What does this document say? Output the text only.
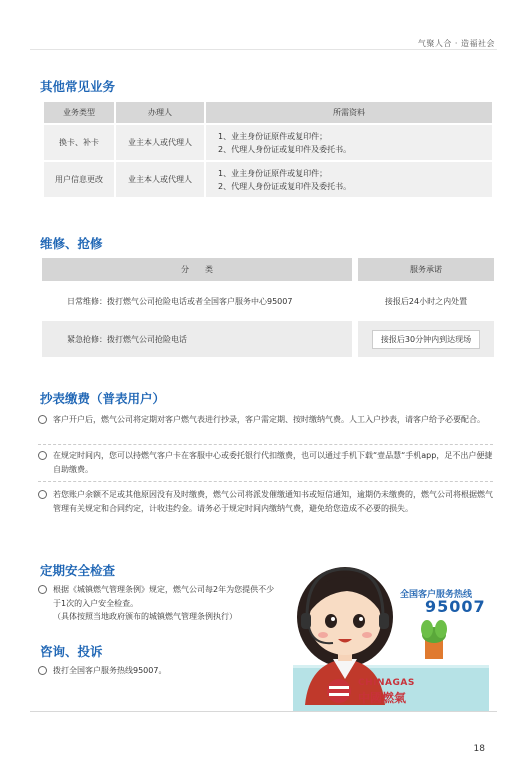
气聚人合 · 造福社会
其他常见业务
业务类型	办理人	所需资料
换卡、补卡	业主本人或代理人	1、业主身份证原件或复印件；
2、代理人身份证或复印件及委托书。

用户信息更改	业主本人或代理人	1、业主身份证原件或复印件；
2、代理人身份证或复印件及委托书。
维修、抢修
分　　类	服务承诺
日常维修：拨打燃气公司抢险电话或者全国客户服务中心95007	接报后24小时之内处置
紧急抢修：拨打燃气公司抢险电话	接报后30分钟内到达现场
抄表缴费（普表用户）
客户开户后，燃气公司将定期对客户燃气表进行抄录，客户需定期、按时缴纳气费。人工入户抄表，请客户给予必要配合。
在规定时间内，您可以持燃气客户卡在客服中心或委托银行代扣缴费，也可以通过手机下载“壹品慧“手机app，足不出户便捷自助缴费。
若您账户余额不足或其他原因没有及时缴费，燃气公司将派发催缴通知书或短信通知，逾期仍未缴费的，燃气公司将根据燃气管理有关规定和合同约定，计收违约金。请务必于规定时间内缴纳气费，避免给您造成不必要的损失。
定期安全检查
根据《城镇燃气管理条例》规定，燃气公司每2年为您提供不少于1次的入户安全检查。
（具体按照当地政府颁布的城镇燃气管理条例执行）
咨询、投诉
拨打全国客户服务热线95007。
全国客户服务热线
95007
CHINAGAS
中國燃氣
18
